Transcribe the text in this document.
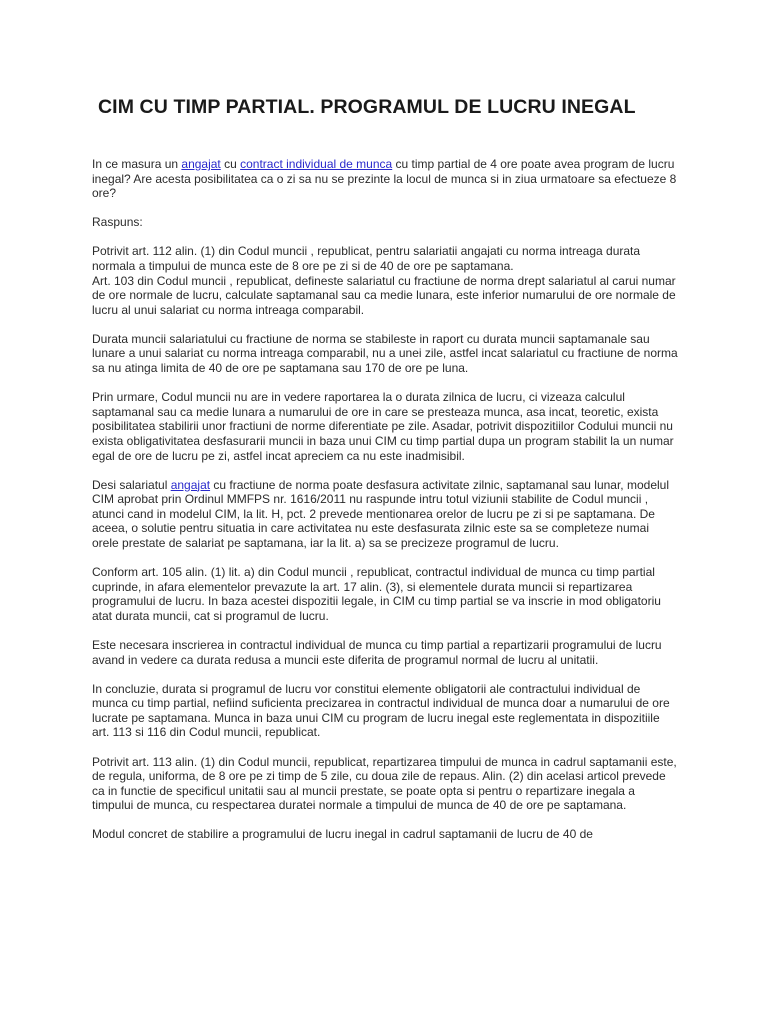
CIM CU TIMP PARTIAL. PROGRAMUL DE LUCRU INEGAL

In ce masura un angajat cu contract individual de munca cu timp partial de 4 ore poate avea program de lucru inegal? Are acesta posibilitatea ca o zi sa nu se prezinte la locul de munca si in ziua urmatoare sa efectueze 8 ore?

Raspuns:

Potrivit art. 112 alin. (1) din Codul muncii , republicat, pentru salariatii angajati cu norma intreaga durata normala a timpului de munca este de 8 ore pe zi si de 40 de ore pe saptamana.
Art. 103 din Codul muncii , republicat, defineste salariatul cu fractiune de norma drept salariatul al carui numar de ore normale de lucru, calculate saptamanal sau ca medie lunara, este inferior numarului de ore normale de lucru al unui salariat cu norma intreaga comparabil.

Durata muncii salariatului cu fractiune de norma se stabileste in raport cu durata muncii saptamanale sau lunare a unui salariat cu norma intreaga comparabil, nu a unei zile, astfel incat salariatul cu fractiune de norma sa nu atinga limita de 40 de ore pe saptamana sau 170 de ore pe luna.

Prin urmare, Codul muncii nu are in vedere raportarea la o durata zilnica de lucru, ci vizeaza calculul saptamanal sau ca medie lunara a numarului de ore in care se presteaza munca, asa incat, teoretic, exista posibilitatea stabilirii unor fractiuni de norme diferentiate pe zile. Asadar, potrivit dispozitiilor Codului muncii nu exista obligativitatea desfasurarii muncii in baza unui CIM cu timp partial dupa un program stabilit la un numar egal de ore de lucru pe zi, astfel incat apreciem ca nu este inadmisibil.

Desi salariatul angajat cu fractiune de norma poate desfasura activitate zilnic, saptamanal sau lunar, modelul CIM aprobat prin Ordinul MMFPS nr. 1616/2011 nu raspunde intru totul viziunii stabilite de Codul muncii , atunci cand in modelul CIM, la lit. H, pct. 2 prevede mentionarea orelor de lucru pe zi si pe saptamana. De aceea, o solutie pentru situatia in care activitatea nu este desfasurata zilnic este sa se completeze numai orele prestate de salariat pe saptamana, iar la lit. a) sa se precizeze programul de lucru.

Conform art. 105 alin. (1) lit. a) din Codul muncii , republicat, contractul individual de munca cu timp partial cuprinde, in afara elementelor prevazute la art. 17 alin. (3), si elementele durata muncii si repartizarea programului de lucru. In baza acestei dispozitii legale, in CIM cu timp partial se va inscrie in mod obligatoriu atat durata muncii, cat si programul de lucru.

Este necesara inscrierea in contractul individual de munca cu timp partial a repartizarii programului de lucru avand in vedere ca durata redusa a muncii este diferita de programul normal de lucru al unitatii.

In concluzie, durata si programul de lucru vor constitui elemente obligatorii ale contractului individual de munca cu timp partial, nefiind suficienta precizarea in contractul individual de munca doar a numarului de ore lucrate pe saptamana. Munca in baza unui CIM cu program de lucru inegal este reglementata in dispozitiile art. 113 si 116 din Codul muncii, republicat.

Potrivit art. 113 alin. (1) din Codul muncii, republicat, repartizarea timpului de munca in cadrul saptamanii este, de regula, uniforma, de 8 ore pe zi timp de 5 zile, cu doua zile de repaus. Alin. (2) din acelasi articol prevede ca in functie de specificul unitatii sau al muncii prestate, se poate opta si pentru o repartizare inegala a timpului de munca, cu respectarea duratei normale a timpului de munca de 40 de ore pe saptamana.

Modul concret de stabilire a programului de lucru inegal in cadrul saptamanii de lucru de 40 de
